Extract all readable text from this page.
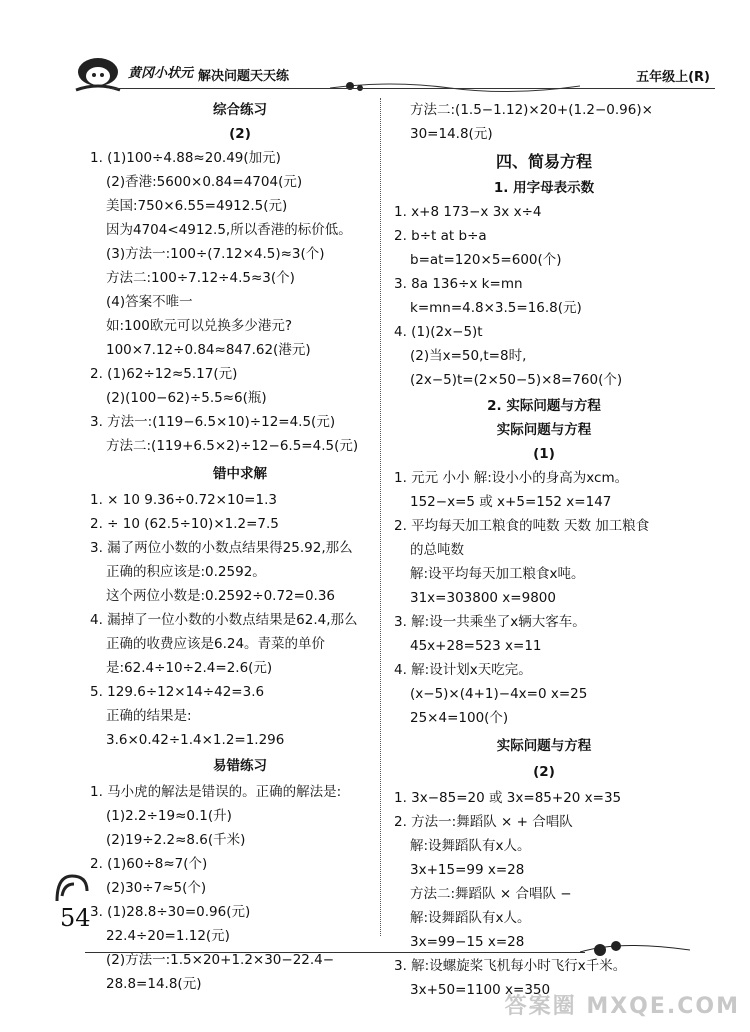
黄冈小状元 解决问题天天练	五年级上(R)
综合练习
(2)
1. (1)100÷4.88≈20.49(加元)
(2)香港:5600×0.84=4704(元)
美国:750×6.55=4912.5(元)
因为4704<4912.5,所以香港的标价低。
(3)方法一:100÷(7.12×4.5)≈3(个)
方法二:100÷7.12÷4.5≈3(个)
(4)答案不唯一
如:100欧元可以兑换多少港元?
100×7.12÷0.84≈847.62(港元)
2. (1)62÷12≈5.17(元)
(2)(100−62)÷5.5≈6(瓶)
3. 方法一:(119−6.5×10)÷12=4.5(元)
方法二:(119+6.5×2)÷12−6.5=4.5(元)
错中求解
1. × 10 9.36÷0.72×10=1.3
2. ÷ 10 (62.5÷10)×1.2=7.5
3. 漏了两位小数的小数点结果得25.92,那么
正确的积应该是:0.2592。
这个两位小数是:0.2592÷0.72=0.36
4. 漏掉了一位小数的小数点结果是62.4,那么
正确的收费应该是6.24。青菜的单价
是:62.4÷10÷2.4=2.6(元)
5. 129.6÷12×14÷42=3.6
正确的结果是:
3.6×0.42÷1.4×1.2=1.296
易错练习
1. 马小虎的解法是错误的。正确的解法是:
(1)2.2÷19≈0.1(升)
(2)19÷2.2≈8.6(千米)
2. (1)60÷8≈7(个)
(2)30÷7≈5(个)
3. (1)28.8÷30=0.96(元)
22.4÷20=1.12(元)
(2)方法一:1.5×20+1.2×30−22.4−
28.8=14.8(元)
方法二:(1.5−1.12)×20+(1.2−0.96)×
30=14.8(元)
四、简易方程
1. 用字母表示数
1. x+8 173−x 3x x÷4
2. b÷t at b÷a
b=at=120×5=600(个)
3. 8a 136÷x k=mn
k=mn=4.8×3.5=16.8(元)
4. (1)(2x−5)t
(2)当x=50,t=8时,
(2x−5)t=(2×50−5)×8=760(个)
2. 实际问题与方程
实际问题与方程
(1)
1. 元元 小小 解:设小小的身高为xcm。
152−x=5 或 x+5=152 x=147
2. 平均每天加工粮食的吨数 天数 加工粮食
的总吨数
解:设平均每天加工粮食x吨。
31x=303800 x=9800
3. 解:设一共乘坐了x辆大客车。
45x+28=523 x=11
4. 解:设计划x天吃完。
(x−5)×(4+1)−4x=0 x=25
25×4=100(个)
实际问题与方程
(2)
1. 3x−85=20 或 3x=85+20 x=35
2. 方法一:舞蹈队 × + 合唱队
解:设舞蹈队有x人。
3x+15=99 x=28
方法二:舞蹈队 × 合唱队 −
解:设舞蹈队有x人。
3x=99−15 x=28
3. 解:设螺旋桨飞机每小时飞行x千米。
3x+50=1100 x=350
54
答案圈 MXQE.COM
